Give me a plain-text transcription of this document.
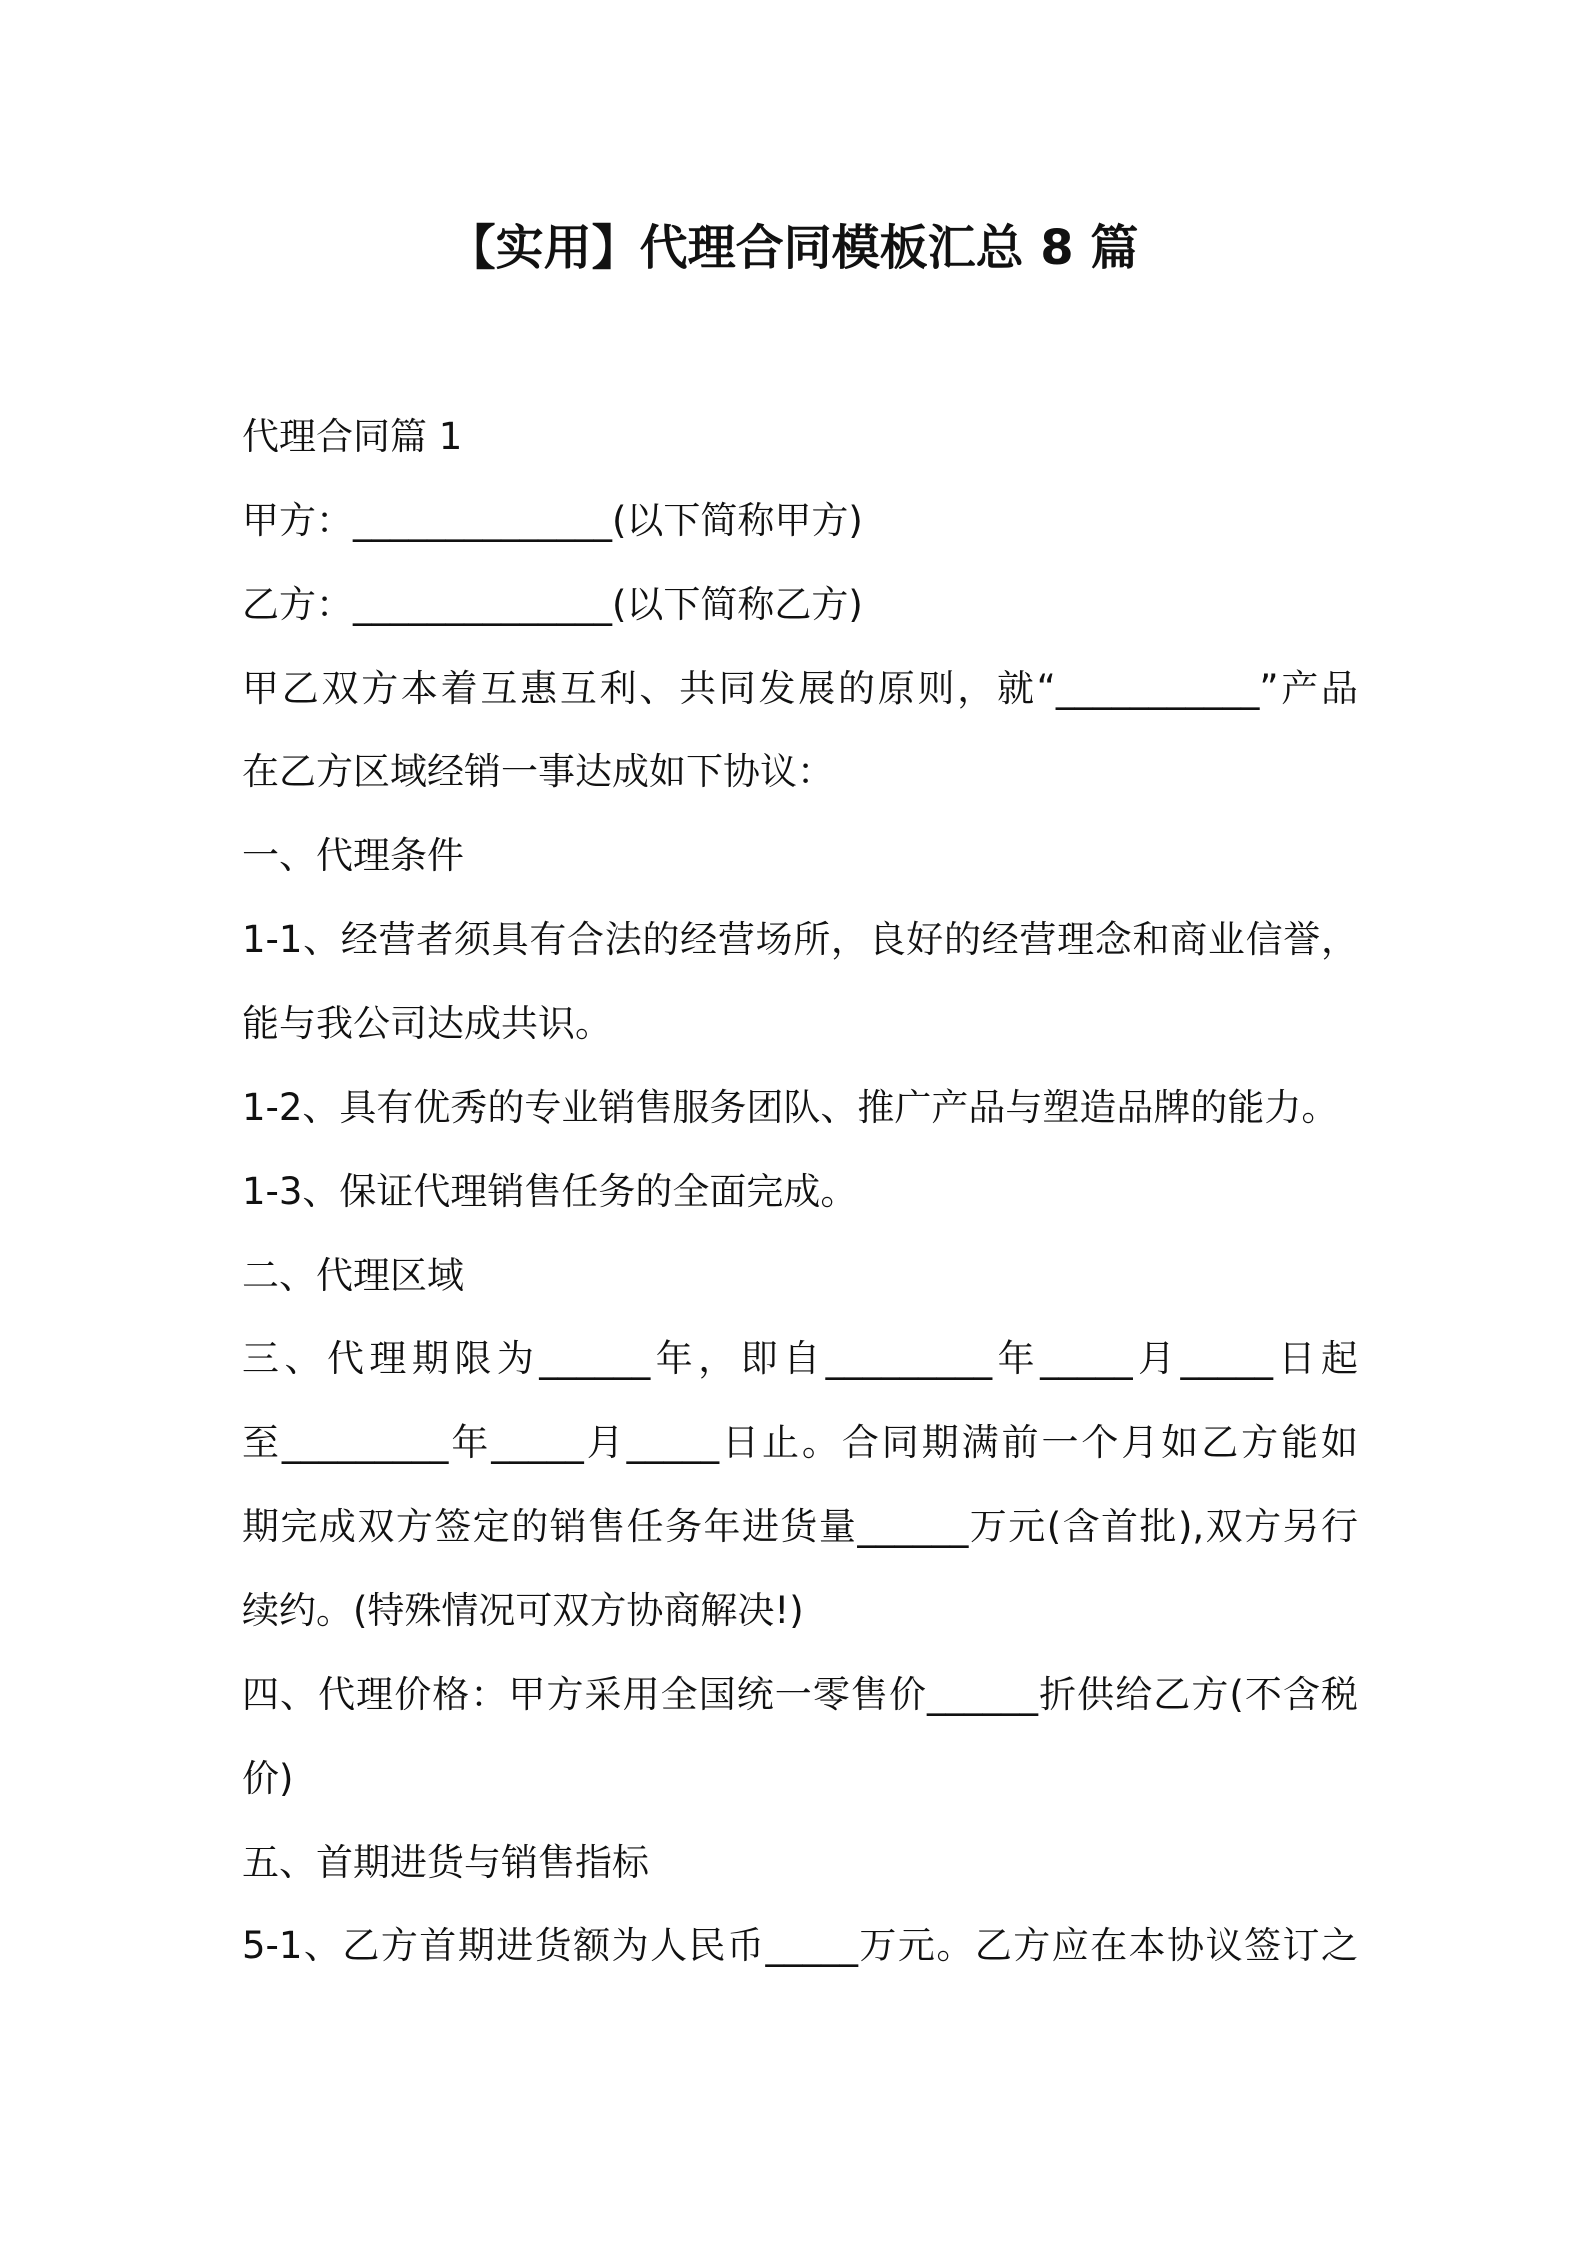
【实用】代理合同模板汇总 8 篇
代理合同篇 1
甲方：______________(以下简称甲方)
乙方：______________(以下简称乙方)
甲乙双方本着互惠互利、共同发展的原则，就“___________”产品
在乙方区域经销一事达成如下协议：
一、代理条件
1-1、经营者须具有合法的经营场所，良好的经营理念和商业信誉，
能与我公司达成共识。
1-2、具有优秀的专业销售服务团队、推广产品与塑造品牌的能力。
1-3、保证代理销售任务的全面完成。
二、代理区域
三、代理期限为______年，即自_________年_____月_____日起
至_________年_____月_____日止。合同期满前一个月如乙方能如
期完成双方签定的销售任务年进货量______万元(含首批),双方另行
续约。(特殊情况可双方协商解决!)
四、代理价格：甲方采用全国统一零售价______折供给乙方(不含税
价)
五、首期进货与销售指标
5-1、乙方首期进货额为人民币_____万元。乙方应在本协议签订之
